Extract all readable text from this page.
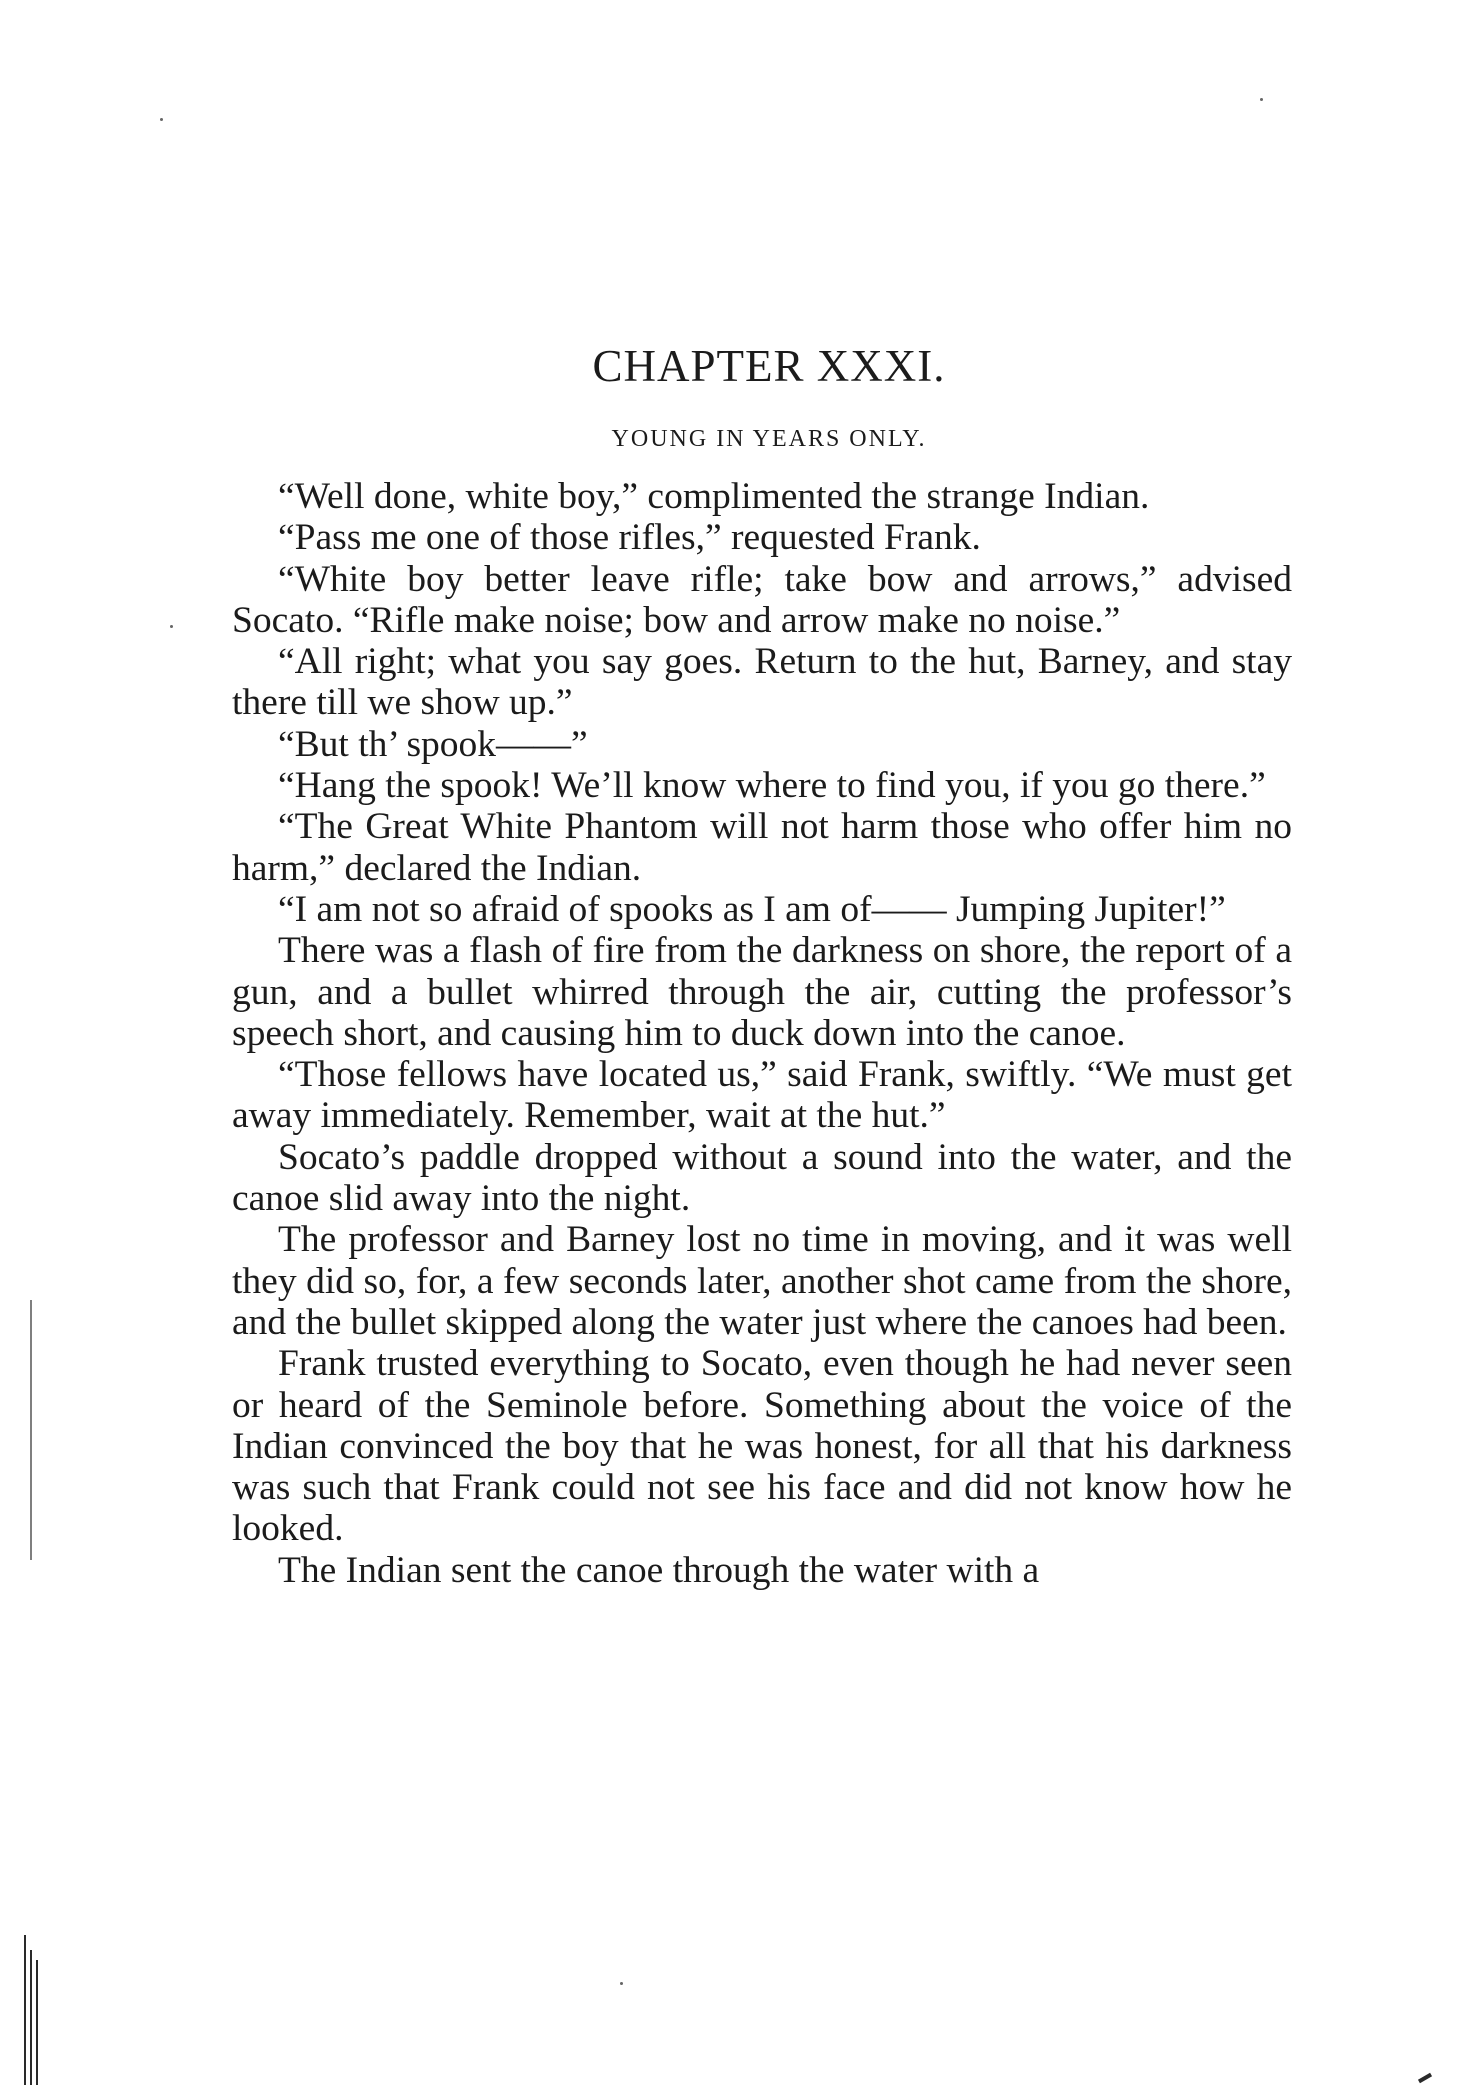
CHAPTER XXXI.
YOUNG IN YEARS ONLY.

“Well done, white boy,” complimented the strange Indian.

“Pass me one of those rifles,” requested Frank.

“White boy better leave rifle; take bow and arrows,” advised Socato. “Rifle make noise; bow and arrow make no noise.”

“All right; what you say goes. Return to the hut, Barney, and stay there till we show up.”

“But th’ spook——”

“Hang the spook! We’ll know where to find you, if you go there.”

“The Great White Phantom will not harm those who offer him no harm,” declared the Indian.

“I am not so afraid of spooks as I am of—— Jumping Jupiter!”

There was a flash of fire from the darkness on shore, the report of a gun, and a bullet whirred through the air, cutting the professor’s speech short, and causing him to duck down into the canoe.

“Those fellows have located us,” said Frank, swiftly. “We must get away immediately. Remember, wait at the hut.”

Socato’s paddle dropped without a sound into the water, and the canoe slid away into the night.

The professor and Barney lost no time in moving, and it was well they did so, for, a few seconds later, another shot came from the shore, and the bullet skipped along the water just where the canoes had been.

Frank trusted everything to Socato, even though he had never seen or heard of the Seminole before. Something about the voice of the Indian convinced the boy that he was honest, for all that his darkness was such that Frank could not see his face and did not know how he looked.

The Indian sent the canoe through the water with a
